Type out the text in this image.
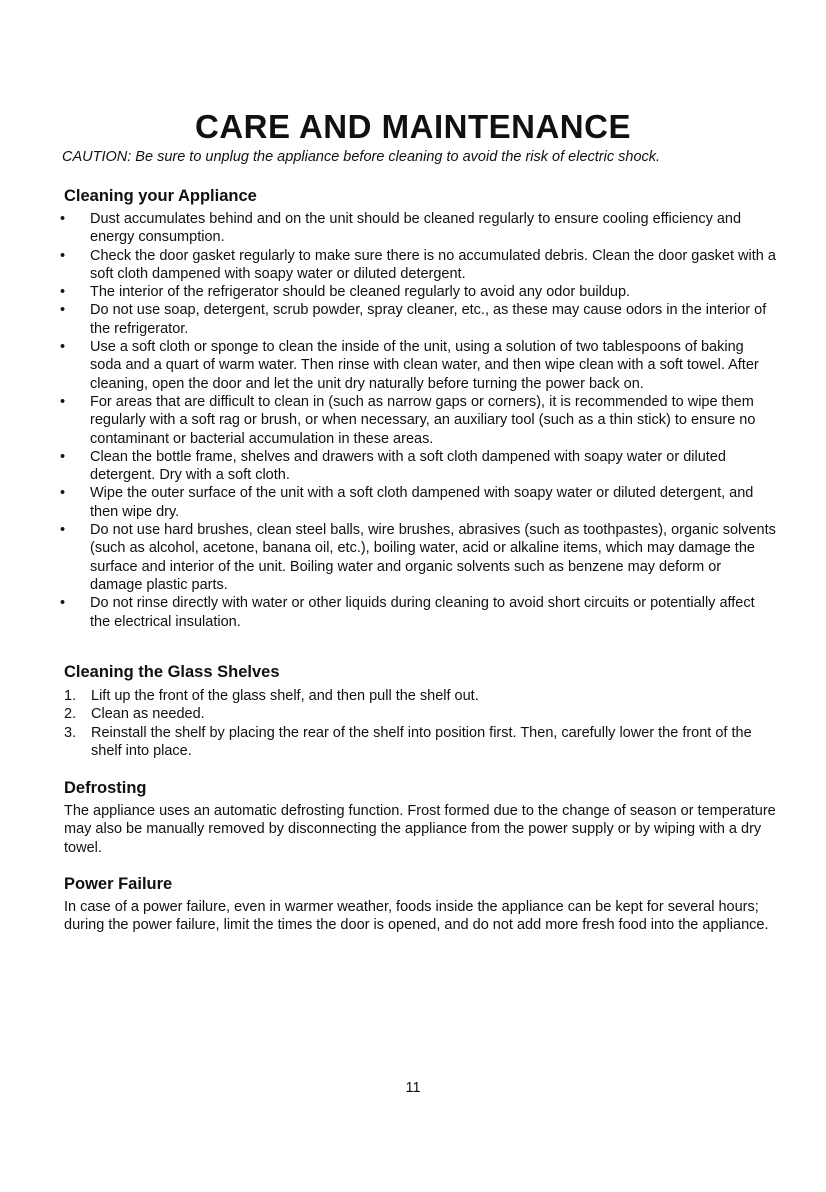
CARE AND MAINTENANCE
CAUTION: Be sure to unplug the appliance before cleaning to avoid the risk of electric shock.
Cleaning your Appliance
• Dust accumulates behind and on the unit should be cleaned regularly to ensure cooling efficiency and energy consumption.
• Check the door gasket regularly to make sure there is no accumulated debris. Clean the door gasket with a soft cloth dampened with soapy water or diluted detergent.
• The interior of the refrigerator should be cleaned regularly to avoid any odor buildup.
• Do not use soap, detergent, scrub powder, spray cleaner, etc., as these may cause odors in the interior of the refrigerator.
• Use a soft cloth or sponge to clean the inside of the unit, using a solution of two tablespoons of baking soda and a quart of warm water. Then rinse with clean water, and then wipe clean with a soft towel. After cleaning, open the door and let the unit dry naturally before turning the power back on.
• For areas that are difficult to clean in (such as narrow gaps or corners), it is recommended to wipe them regularly with a soft rag or brush, or when necessary, an auxiliary tool (such as a thin stick) to ensure no contaminant or bacterial accumulation in these areas.
• Clean the bottle frame, shelves and drawers with a soft cloth dampened with soapy water or diluted detergent. Dry with a soft cloth.
• Wipe the outer surface of the unit with a soft cloth dampened with soapy water or diluted detergent, and then wipe dry.
• Do not use hard brushes, clean steel balls, wire brushes, abrasives (such as toothpastes), organic solvents (such as alcohol, acetone, banana oil, etc.), boiling water, acid or alkaline items, which may damage the surface and interior of the unit. Boiling water and organic solvents such as benzene may deform or damage plastic parts.
• Do not rinse directly with water or other liquids during cleaning to avoid short circuits or potentially affect the electrical insulation.
Cleaning the Glass Shelves
1. Lift up the front of the glass shelf, and then pull the shelf out.
2. Clean as needed.
3. Reinstall the shelf by placing the rear of the shelf into position first. Then, carefully lower the front of the shelf into place.
Defrosting

The appliance uses an automatic defrosting function. Frost formed due to the change of season or temperature may also be manually removed by disconnecting the appliance from the power supply or by wiping with a dry towel.

Power Failure

In case of a power failure, even in warmer weather, foods inside the appliance can be kept for several hours; during the power failure, limit the times the door is opened, and do not add more fresh food into the appliance.

11
